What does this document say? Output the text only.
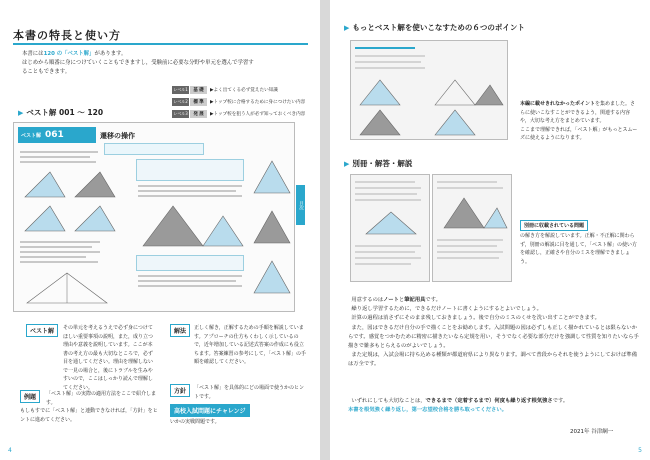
本書の特長と使い方
本書には120 の「ベスト解」があります。
はじめから順番に身につけていくこともできますし，受験前に必要な分野や単元を選んで学習す
ることもできます。
▶ ベスト解 001 ～ 120
レベル1	基 礎	▶よく出てくる必ず覚えたい知識
レベル2	標 準	▶トップ校に合格するために身につけたい内容
レベル3	発 展	▶トップ校を狙う人が必ず知っておくべき内容
ベスト解 061	遷移の操作
目次
ベスト解	その単元を考えるうえで必ず身につけてほしい重要事項の説明，また，成り立つ理由や意義を説明しています。ここが本書の考え方の最も大切なところで，必ず目を通してください。理由を理解しないで一見の場合と，後にトラブルを生みやすいので，ここはしっかり読んで理解してください。
例題	「ベスト解」の実際の適用方法をここで紹介します。
もしもすでに「ベスト解」と連動できなければ，「方針」をヒントに進めてください。
解法	正しく解き，正解するための手順を解説しています。アプローチの仕方もくわしく示しているので，近年増加している記述式答案の作成にも役立ちます。答案練習の参考にして，「ベスト解」の手順を確認してください。
方針	「ベスト解」を具体的にどの場面で使うかのヒントです。
高校入試問題にチャレンジ
いかの実戦問題です。
4
▶ もっとベスト解を使いこなすための６つのポイント
本編に載せきれなかったポイントを集めました。さらに使いこなすことができるよう，関連する内容や，大切な考え方をまとめています。
ここまで理解できれば，「ベスト解」がもっとスムーズに使えるようになります。
▶ 別冊・解答・解説
別冊に収載されている問題
の解き方を解説しています。正解・不正解に関わらず，別冊の解説に目を通して，「ベスト解」の使い方を確認し，正確さや自分のミスを理解できましょう。
用意するのはノートと筆記用具です。
繰り返し学習するために，できるだけノートに書くようにするとよいでしょう。
計算の過程は消さずにそのまま残しておきましょう。後で自分のミスのくせを洗い出すことができます。
また，図はできるだけ自分の手で描くことをお勧めします。入試問題の図は必ずしも正しく描かれているとは限らないからです。感覚をつかむために精密に描きたいなら定規を用い，そうでなく必要な部分だけを強調して性質を知りたいなら手描きで雑多もとらえるのがよいでしょう。
また定規は，入試会場に持ち込める種類が都道府県により異なります。調べて普段からそれを使うようにしておけば準備は万全です。
いずれにしても大切なことは，できるまで（定着するまで）何度も繰り返す根気強さです。
本書を根気強く繰り返し，第一志望校合格を勝ち取ってください。
2021年 谷津綱一
5
